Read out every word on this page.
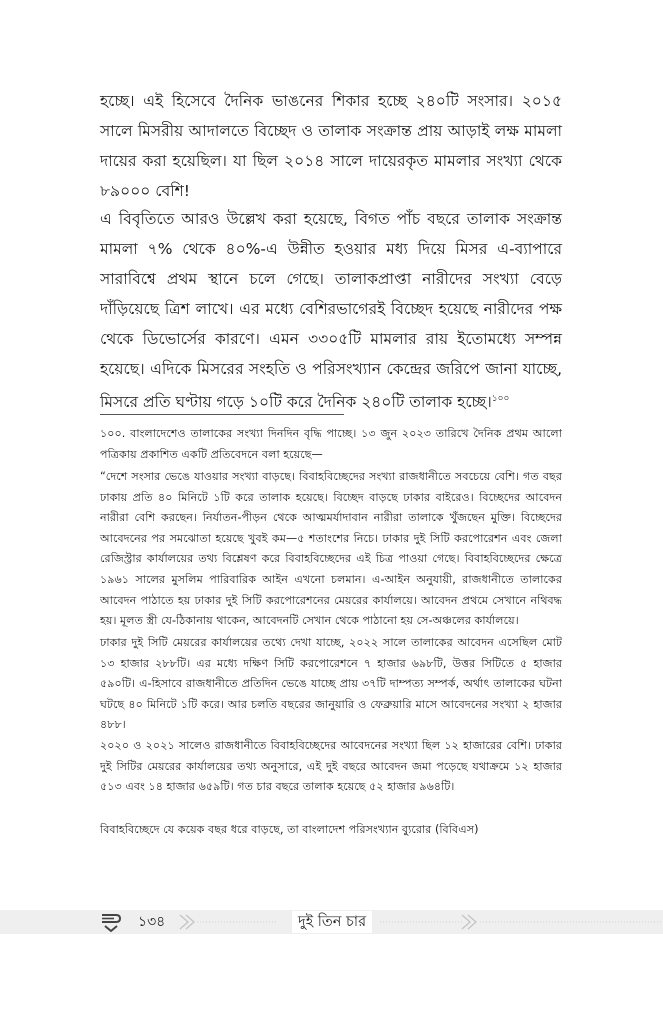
হচ্ছে। এই হিসেবে দৈনিক ভাঙনের শিকার হচ্ছে ২৪০টি সংসার। ২০১৫ সালে মিসরীয় আদালতে বিচ্ছেদ ও তালাক সংক্রান্ত প্রায় আড়াই লক্ষ মামলা দায়ের করা হয়েছিল। যা ছিল ২০১৪ সালে দায়েরকৃত মামলার সংখ্যা থেকে ৮৯০০০ বেশি!

এ বিবৃতিতে আরও উল্লেখ করা হয়েছে, বিগত পাঁচ বছরে তালাক সংক্রান্ত মামলা ৭% থেকে ৪০%-এ উন্নীত হওয়ার মধ্য দিয়ে মিসর এ-ব্যাপারে সারাবিশ্বে প্রথম স্থানে চলে গেছে। তালাকপ্রাপ্তা নারীদের সংখ্যা বেড়ে দাঁড়িয়েছে ত্রিশ লাখে। এর মধ্যে বেশিরভাগেরই বিচ্ছেদ হয়েছে নারীদের পক্ষ থেকে ডিভোর্সের কারণে। এমন ৩৩০৫টি মামলার রায় ইতোমধ্যে সম্পন্ন হয়েছে। এদিকে মিসরের সংহতি ও পরিসংখ্যান কেন্দ্রের জরিপে জানা যাচ্ছে, মিসরে প্রতি ঘণ্টায় গড়ে ১০টি করে দৈনিক ২৪০টি তালাক হচ্ছে।$^{১০০}$

১০০. বাংলাদেশেও তালাকের সংখ্যা দিনদিন বৃদ্ধি পাচ্ছে। ১৩ জুন ২০২৩ তারিখে দৈনিক প্রথম আলো পত্রিকায় প্রকাশিত একটি প্রতিবেদনে বলা হয়েছে—

“দেশে সংসার ভেঙে যাওয়ার সংখ্যা বাড়ছে। বিবাহবিচ্ছেদের সংখ্যা রাজধানীতে সবচেয়ে বেশি। গত বছর ঢাকায় প্রতি ৪০ মিনিটে ১টি করে তালাক হয়েছে। বিচ্ছেদ বাড়ছে ঢাকার বাইরেও। বিচ্ছেদের আবেদন নারীরা বেশি করছেন। নির্যাতন-পীড়ন থেকে আত্মমর্যাদাবান নারীরা তালাকে খুঁজছেন মুক্তি। বিচ্ছেদের আবেদনের পর সমঝোতা হয়েছে খুবই কম—৫ শতাংশের নিচে। ঢাকার দুই সিটি করপোরেশন এবং জেলা রেজিস্ট্রার কার্যালয়ের তথ্য বিশ্লেষণ করে বিবাহবিচ্ছেদের এই চিত্র পাওয়া গেছে। বিবাহবিচ্ছেদের ক্ষেত্রে ১৯৬১ সালের মুসলিম পারিবারিক আইন এখনো চলমান। এ-আইন অনুযায়ী, রাজধানীতে তালাকের আবেদন পাঠাতে হয় ঢাকার দুই সিটি করপোরেশনের মেয়রের কার্যালয়ে। আবেদন প্রথমে সেখানে নথিবদ্ধ হয়। মূলত স্ত্রী যে-ঠিকানায় থাকেন, আবেদনটি সেখান থেকে পাঠানো হয় সে-অঞ্চলের কার্যালয়ে।

ঢাকার দুই সিটি মেয়রের কার্যালয়ের তথ্যে দেখা যাচ্ছে, ২০২২ সালে তালাকের আবেদন এসেছিল মোট ১৩ হাজার ২৮৮টি। এর মধ্যে দক্ষিণ সিটি করপোরেশনে ৭ হাজার ৬৯৮টি, উত্তর সিটিতে ৫ হাজার ৫৯০টি। এ-হিসাবে রাজধানীতে প্রতিদিন ভেঙে যাচ্ছে প্রায় ৩৭টি দাম্পত্য সম্পর্ক, অর্থাৎ তালাকের ঘটনা ঘটছে ৪০ মিনিটে ১টি করে। আর চলতি বছরের জানুয়ারি ও ফেব্রুয়ারি মাসে আবেদনের সংখ্যা ২ হাজার ৪৮৮।

২০২০ ও ২০২১ সালেও রাজধানীতে বিবাহবিচ্ছেদের আবেদনের সংখ্যা ছিল ১২ হাজারের বেশি। ঢাকার দুই সিটির মেয়রের কার্যালয়ের তথ্য অনুসারে, এই দুই বছরে আবেদন জমা পড়েছে যথাক্রমে ১২ হাজার ৫১৩ এবং ১৪ হাজার ৬৫৯টি। গত চার বছরে তালাক হয়েছে ৫২ হাজার ৯৬৪টি।

বিবাহবিচ্ছেদে যে কয়েক বছর ধরে বাড়ছে, তা বাংলাদেশ পরিসংখ্যান ব্যুরোর (বিবিএস)

১৩৪	দুই তিন চার
